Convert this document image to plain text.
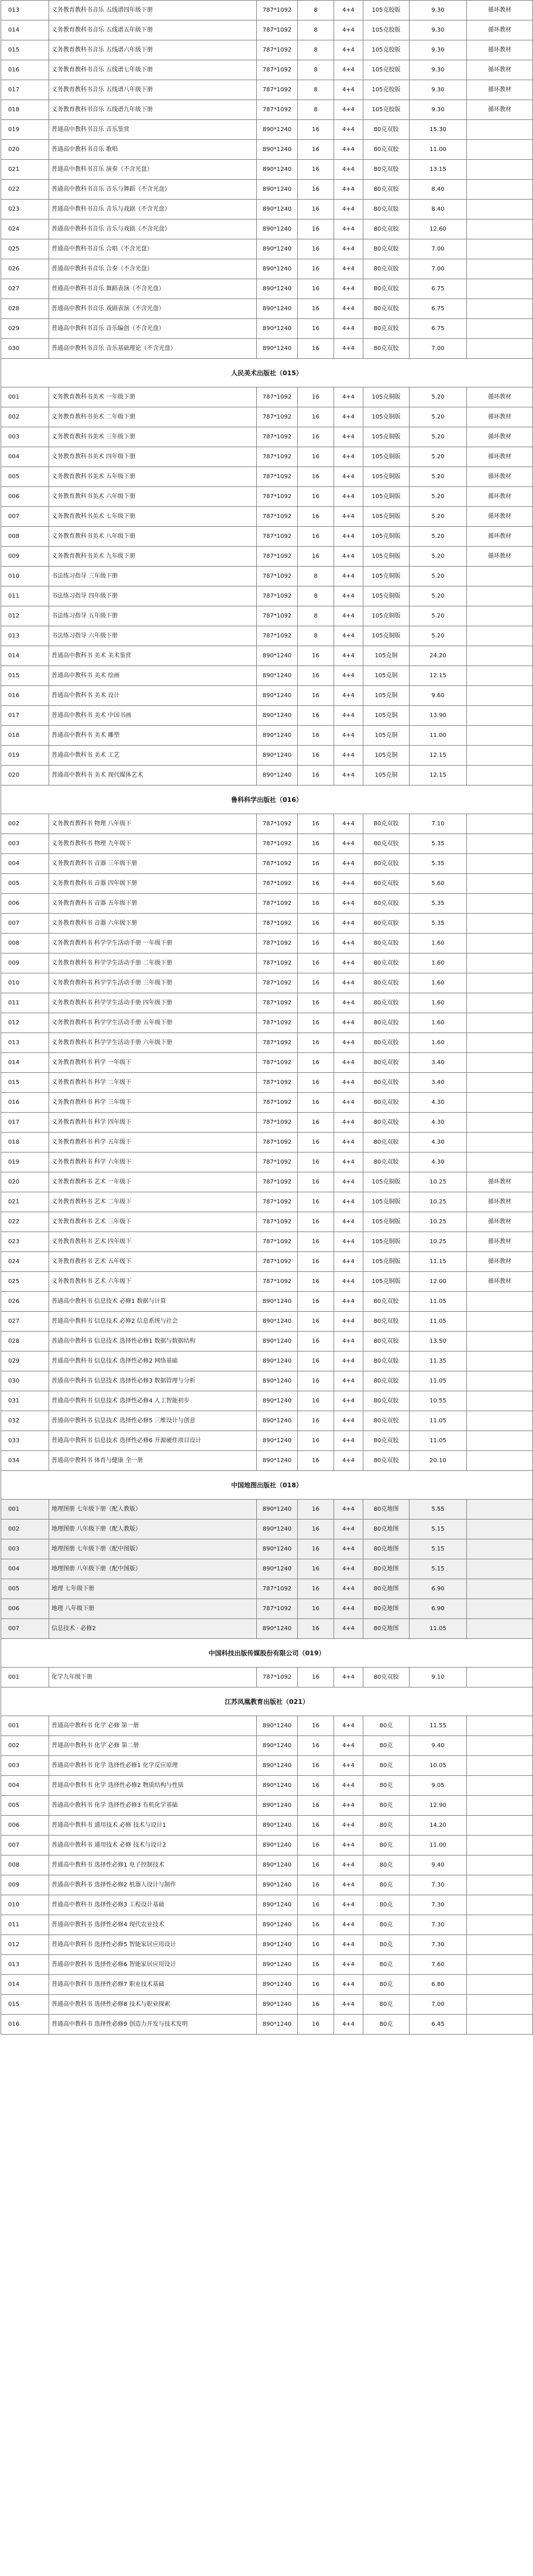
013	义务教育教科书音乐 五线谱四年级下册	787*1092	8	4+4	105克胶版	9.30	循环教材
014	义务教育教科书音乐 五线谱五年级下册	787*1092	8	4+4	105克胶版	9.30	循环教材
015	义务教育教科书音乐 五线谱六年级下册	787*1092	8	4+4	105克胶版	9.30	循环教材
016	义务教育教科书音乐 五线谱七年级下册	787*1092	8	4+4	105克胶版	9.30	循环教材
017	义务教育教科书音乐 五线谱八年级下册	787*1092	8	4+4	105克胶版	9.30	循环教材
018	义务教育教科书音乐 五线谱九年级下册	787*1092	8	4+4	105克胶版	9.30	循环教材
019	普通高中教科书音乐 音乐鉴赏	890*1240	16	4+4	80克双胶	15.30	
020	普通高中教科书音乐 歌唱	890*1240	16	4+4	80克双胶	11.00	
021	普通高中教科书音乐 演奏（不含光盘）	890*1240	16	4+4	80克双胶	13.15	
022	普通高中教科书音乐 音乐与舞蹈（不含光盘）	890*1240	16	4+4	80克双胶	8.40	
023	普通高中教科书音乐 音乐与戏剧（不含光盘）	890*1240	16	4+4	80克双胶	8.40	
024	普通高中教科书音乐 音乐与戏剧（不含光盘）	890*1240	16	4+4	80克双胶	12.60	
025	普通高中教科书音乐 合唱（不含光盘）	890*1240	16	4+4	80克双胶	7.00	
026	普通高中教科书音乐 合奏（不含光盘）	890*1240	16	4+4	80克双胶	7.00	
027	普通高中教科书音乐 舞蹈表演（不含光盘）	890*1240	16	4+4	80克双胶	6.75	
028	普通高中教科书音乐 戏剧表演（不含光盘）	890*1240	16	4+4	80克双胶	6.75	
029	普通高中教科书音乐 音乐编创（不含光盘）	890*1240	16	4+4	80克双胶	6.75	
030	普通高中教科书音乐 音乐基础理论（不含光盘）	890*1240	16	4+4	80克双胶	7.00	
人民美术出版社（015）							
001	义务教育教科书美术 一年级下册	787*1092	16	4+4	105克铜版	5.20	循环教材
002	义务教育教科书美术 二年级下册	787*1092	16	4+4	105克铜版	5.20	循环教材
003	义务教育教科书美术 三年级下册	787*1092	16	4+4	105克铜版	5.20	循环教材
004	义务教育教科书美术 四年级下册	787*1092	16	4+4	105克铜版	5.20	循环教材
005	义务教育教科书美术 五年级下册	787*1092	16	4+4	105克铜版	5.20	循环教材
006	义务教育教科书美术 六年级下册	787*1092	16	4+4	105克铜版	5.20	循环教材
007	义务教育教科书美术 七年级下册	787*1092	16	4+4	105克铜版	5.20	循环教材
008	义务教育教科书美术 八年级下册	787*1092	16	4+4	105克铜版	5.20	循环教材
009	义务教育教科书美术 九年级下册	787*1092	16	4+4	105克铜版	5.20	循环教材
010	书法练习指导 三年级下册	787*1092	8	4+4	105克铜版	5.20	
011	书法练习指导 四年级下册	787*1092	8	4+4	105克铜版	5.20	
012	书法练习指导 五年级下册	787*1092	8	4+4	105克铜版	5.20	
013	书法练习指导 六年级下册	787*1092	8	4+4	105克铜版	5.20	
014	普通高中教科书 美术 美术鉴赏	890*1240	16	4+4	105克铜	24.20	
015	普通高中教科书 美术 绘画	890*1240	16	4+4	105克铜	12.15	
016	普通高中教科书 美术 设计	890*1240	16	4+4	105克铜	9.60	
017	普通高中教科书 美术 中国书画	890*1240	16	4+4	105克铜	13.90	
018	普通高中教科书 美术 雕塑	890*1240	16	4+4	105克铜	11.00	
019	普通高中教科书 美术 工艺	890*1240	16	4+4	105克铜	12.15	
020	普通高中教科书 美术 现代媒体艺术	890*1240	16	4+4	105克铜	12.15	
鲁科科学出版社（016）							
002	义务教育教科书 物理 八年级下	787*1092	16	4+4	80克双胶	7.10	
003	义务教育教科书 物理 九年级下	787*1092	16	4+4	80克双胶	5.35	
004	义务教育教科书 音器 三年级下册	787*1092	16	4+4	80克双胶	5.35	
005	义务教育教科书 音器 四年级下册	787*1092	16	4+4	80克双胶	5.60	
006	义务教育教科书 音器 五年级下册	787*1092	16	4+4	80克双胶	5.35	
007	义务教育教科书 音器 六年级下册	787*1092	16	4+4	80克双胶	5.35	
008	义务教育教科书 科学学生活动手册 一年级下册	787*1092	16	4+4	80克双胶	1.60	
009	义务教育教科书 科学学生活动手册 二年级下册	787*1092	16	4+4	80克双胶	1.60	
010	义务教育教科书 科学学生活动手册 三年级下册	787*1092	16	4+4	80克双胶	1.60	
011	义务教育教科书 科学学生活动手册 四年级下册	787*1092	16	4+4	80克双胶	1.60	
012	义务教育教科书 科学学生活动手册 五年级下册	787*1092	16	4+4	80克双胶	1.60	
013	义务教育教科书 科学学生活动手册 六年级下册	787*1092	16	4+4	80克双胶	1.60	
014	义务教育教科书 科学 一年级下	787*1092	16	4+4	80克双胶	3.40	
015	义务教育教科书 科学 二年级下	787*1092	16	4+4	80克双胶	3.40	
016	义务教育教科书 科学 三年级下	787*1092	16	4+4	80克双胶	4.30	
017	义务教育教科书 科学 四年级下	787*1092	16	4+4	80克双胶	4.30	
018	义务教育教科书 科学 五年级下	787*1092	16	4+4	80克双胶	4.30	
019	义务教育教科书 科学 六年级下	787*1092	16	4+4	80克双胶	4.30	
020	义务教育教科书 艺术 一年级下	787*1092	16	4+4	105克铜版	10.25	循环教材
021	义务教育教科书 艺术 二年级下	787*1092	16	4+4	105克铜版	10.25	循环教材
022	义务教育教科书 艺术 三年级下	787*1092	16	4+4	105克铜版	10.25	循环教材
023	义务教育教科书 艺术 四年级下	787*1092	16	4+4	105克铜版	10.25	循环教材
024	义务教育教科书 艺术 五年级下	787*1092	16	4+4	105克铜版	11.15	循环教材
025	义务教育教科书 艺术 六年级下	787*1092	16	4+4	105克铜版	12.00	循环教材
026	普通高中教科书 信息技术 必修1 数据与计算	890*1240	16	4+4	80克双胶	11.05	
027	普通高中教科书 信息技术 必修2 信息系统与社会	890*1240	16	4+4	80克双胶	11.05	
028	普通高中教科书 信息技术 选择性必修1 数据与数据结构	890*1240	16	4+4	80克双胶	13.50	
029	普通高中教科书 信息技术 选择性必修2 网络基础	890*1240	16	4+4	80克双胶	11.35	
030	普通高中教科书 信息技术 选择性必修3 数据管理与分析	890*1240	16	4+4	80克双胶	11.05	
031	普通高中教科书 信息技术 选择性必修4 人工智能初步	890*1240	16	4+4	80克双胶	10.55	
032	普通高中教科书 信息技术 选择性必修5 三维设计与创意	890*1240	16	4+4	80克双胶	11.05	
033	普通高中教科书 信息技术 选择性必修6 开源硬件项目设计	890*1240	16	4+4	80克双胶	11.05	
034	普通高中教科书 体育与健康 全一册	890*1240	16	4+4	80克双胶	20.10	
中国地图出版社（018）							
001	地理图册 七年级下册（配人教版）	890*1240	16	4+4	80克地图	5.55	
002	地理图册 八年级下册（配人教版）	890*1240	16	4+4	80克地图	5.15	
003	地理图册 七年级下册（配中图版）	890*1240	16	4+4	80克地图	5.15	
004	地理图册 八年级下册（配中图版）	890*1240	16	4+4	80克地图	5.15	
005	地理 七年级下册	787*1092	16	4+4	80克地图	6.90	
006	地理 八年级下册	787*1092	16	4+4	80克地图	6.90	
007	信息技术 · 必修2	890*1240	16	4+4	80克地图	11.05	
中国科技出版传媒股份有限公司（019）							
001	化学九年级下册	787*1092	16	4+4	80克双胶	9.10	
江苏凤凰教育出版社（021）							
001	普通高中教科书 化学 必修 第一册	890*1240	16	4+4	80克	11.55	
002	普通高中教科书 化学 必修 第二册	890*1240	16	4+4	80克	9.40	
003	普通高中教科书 化学 选择性必修1 化学反应原理	890*1240	16	4+4	80克	10.05	
004	普通高中教科书 化学 选择性必修2 物质结构与性质	890*1240	16	4+4	80克	9.05	
005	普通高中教科书 化学 选择性必修3 有机化学基础	890*1240	16	4+4	80克	12.90	
006	普通高中教科书 通用技术 必修 技术与设计1	890*1240	16	4+4	80克	14.20	
007	普通高中教科书 通用技术 必修 技术与设计2	890*1240	16	4+4	80克	11.00	
008	普通高中教科书 选择性必修1 电子控制技术	890*1240	16	4+4	80克	9.40	
009	普通高中教科书 选择性必修2 机器人设计与制作	890*1240	16	4+4	80克	7.30	
010	普通高中教科书 选择性必修3 工程设计基础	890*1240	16	4+4	80克	7.30	
011	普通高中教科书 选择性必修4 现代农业技术	890*1240	16	4+4	80克	7.30	
012	普通高中教科书 选择性必修5 智能家居应用设计	890*1240	16	4+4	80克	7.30	
013	普通高中教科书 选择性必修6 智能家居应用设计	890*1240	16	4+4	80克	7.60	
014	普通高中教科书 选择性必修7 职业技术基础	890*1240	16	4+4	80克	6.80	
015	普通高中教科书 选择性必修8 技术与职业探索	890*1240	16	4+4	80克	7.00	
016	普通高中教科书 选择性必修9 创造力开发与技术发明	890*1240	16	4+4	80克	6.45	
